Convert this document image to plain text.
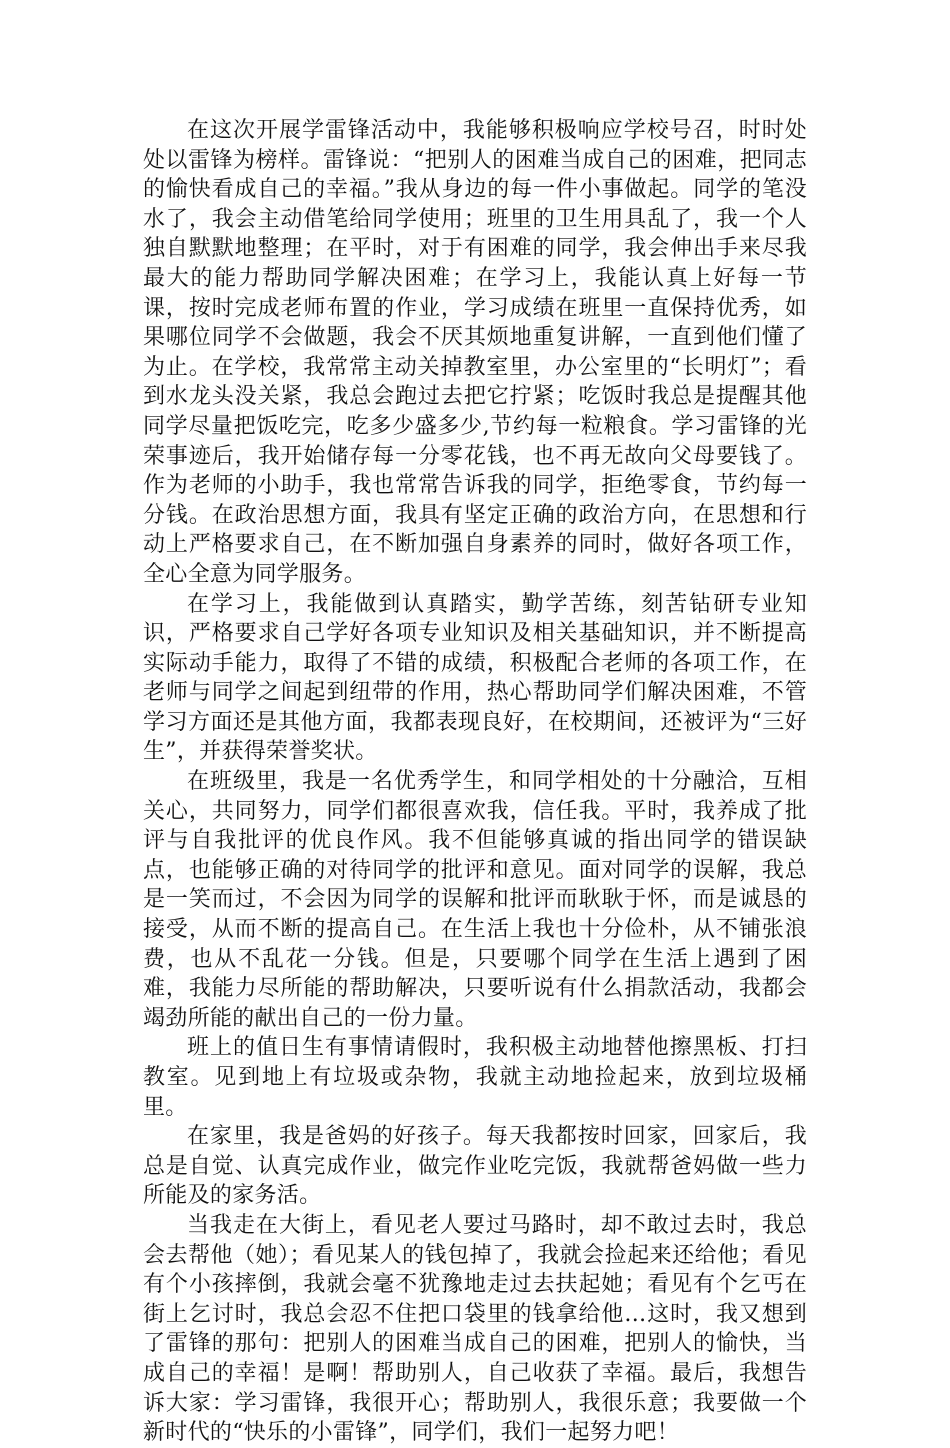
在这次开展学雷锋活动中，我能够积极响应学校号召，时时处处以雷锋为榜样。雷锋说：“把别人的困难当成自己的困难，把同志的愉快看成自己的幸福。”我从身边的每一件小事做起。同学的笔没水了，我会主动借笔给同学使用；班里的卫生用具乱了，我一个人独自默默地整理；在平时，对于有困难的同学，我会伸出手来尽我最大的能力帮助同学解决困难；在学习上，我能认真上好每一节课，按时完成老师布置的作业，学习成绩在班里一直保持优秀，如果哪位同学不会做题，我会不厌其烦地重复讲解，一直到他们懂了为止。在学校，我常常主动关掉教室里，办公室里的“长明灯”；看到水龙头没关紧，我总会跑过去把它拧紧；吃饭时我总是提醒其他同学尽量把饭吃完，吃多少盛多少,节约每一粒粮食。学习雷锋的光荣事迹后，我开始储存每一分零花钱，也不再无故向父母要钱了。作为老师的小助手，我也常常告诉我的同学，拒绝零食，节约每一分钱。在政治思想方面，我具有坚定正确的政治方向，在思想和行动上严格要求自己，在不断加强自身素养的同时，做好各项工作，全心全意为同学服务。

在学习上，我能做到认真踏实，勤学苦练，刻苦钻研专业知识，严格要求自己学好各项专业知识及相关基础知识，并不断提高实际动手能力，取得了不错的成绩，积极配合老师的各项工作，在老师与同学之间起到纽带的作用，热心帮助同学们解决困难，不管学习方面还是其他方面，我都表现良好，在校期间，还被评为“三好生”，并获得荣誉奖状。

在班级里，我是一名优秀学生，和同学相处的十分融洽，互相关心，共同努力，同学们都很喜欢我，信任我。平时，我养成了批评与自我批评的优良作风。我不但能够真诚的指出同学的错误缺点，也能够正确的对待同学的批评和意见。面对同学的误解，我总是一笑而过，不会因为同学的误解和批评而耿耿于怀，而是诚恳的接受，从而不断的提高自己。在生活上我也十分俭朴，从不铺张浪费，也从不乱花一分钱。但是，只要哪个同学在生活上遇到了困难，我能力尽所能的帮助解决，只要听说有什么捐款活动，我都会竭劲所能的献出自己的一份力量。

班上的值日生有事情请假时，我积极主动地替他擦黑板、打扫教室。见到地上有垃圾或杂物，我就主动地捡起来，放到垃圾桶里。

在家里，我是爸妈的好孩子。每天我都按时回家，回家后，我总是自觉、认真完成作业，做完作业吃完饭，我就帮爸妈做一些力所能及的家务活。

当我走在大街上，看见老人要过马路时，却不敢过去时，我总会去帮他（她）；看见某人的钱包掉了，我就会捡起来还给他；看见有个小孩摔倒，我就会毫不犹豫地走过去扶起她；看见有个乞丐在街上乞讨时，我总会忍不住把口袋里的钱拿给他…这时，我又想到了雷锋的那句：把别人的困难当成自己的困难，把别人的愉快，当成自己的幸福！是啊！帮助别人，自己收获了幸福。最后，我想告诉大家：学习雷锋，我很开心；帮助别人，我很乐意；我要做一个新时代的“快乐的小雷锋”，同学们，我们一起努力吧！
